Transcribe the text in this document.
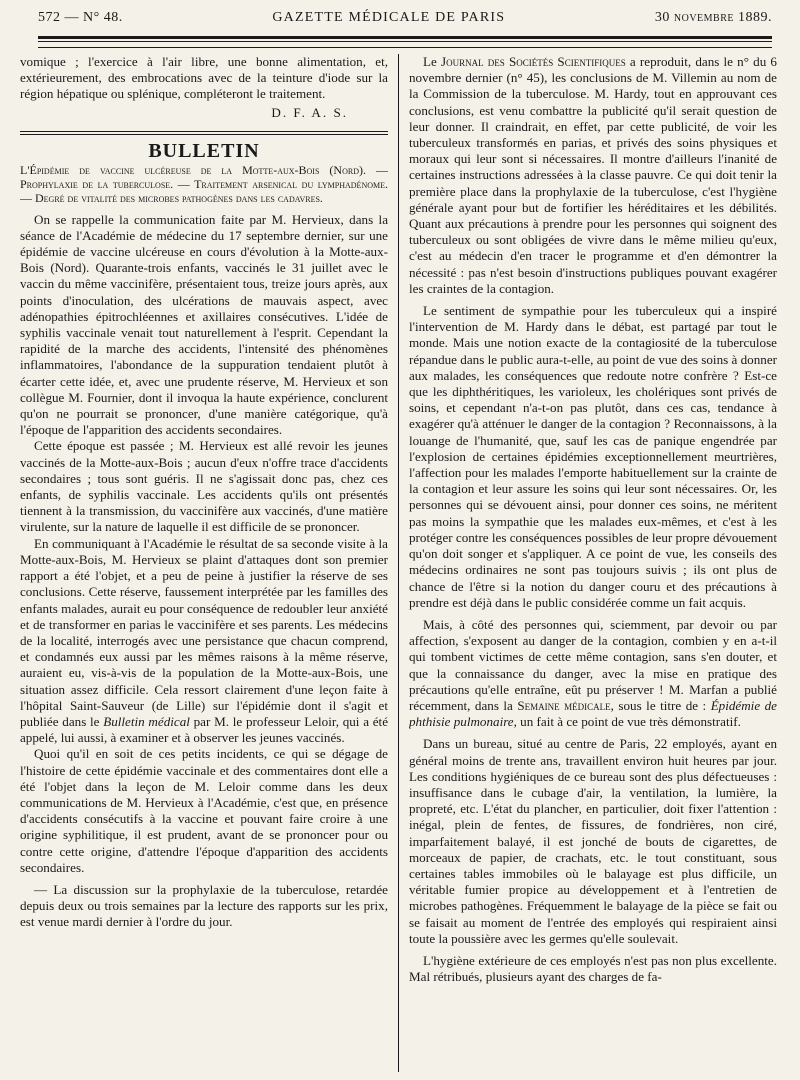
572 — N° 48.	GAZETTE MÉDICALE DE PARIS	30 novembre 1889.

vomique ; l'exercice à l'air libre, une bonne alimentation, et, extérieurement, des embrocations avec de la teinture d'iode sur la région hépatique ou splénique, compléteront le traitement.

D. F. A. S.

BULLETIN

L'Épidémie de vaccine ulcéreuse de la Motte-aux-Bois (Nord). — Prophylaxie de la tuberculose. — Traitement arsenical du lymphadénome. — Degré de vitalité des microbes pathogènes dans les cadavres.

On se rappelle la communication faite par M. Hervieux, dans la séance de l'Académie de médecine du 17 septembre dernier, sur une épidémie de vaccine ulcéreuse en cours d'évolution à la Motte-aux-Bois (Nord). Quarante-trois enfants, vaccinés le 31 juillet avec le vaccin du même vaccinifère, présentaient tous, treize jours après, aux points d'inoculation, des ulcérations de mauvais aspect, avec adénopathies épitrochléennes et axillaires consécutives. L'idée de syphilis vaccinale venait tout naturellement à l'esprit. Cependant la rapidité de la marche des accidents, l'intensité des phénomènes inflammatoires, l'abondance de la suppuration tendaient plutôt à écarter cette idée, et, avec une prudente réserve, M. Hervieux et son collègue M. Fournier, dont il invoqua la haute expérience, conclurent qu'on ne pourrait se prononcer, d'une manière catégorique, qu'à l'époque de l'apparition des accidents secondaires.

Cette époque est passée ; M. Hervieux est allé revoir les jeunes vaccinés de la Motte-aux-Bois ; aucun d'eux n'offre trace d'accidents secondaires ; tous sont guéris. Il ne s'agissait donc pas, chez ces enfants, de syphilis vaccinale. Les accidents qu'ils ont présentés tiennent à la transmission, du vaccinifère aux vaccinés, d'une matière virulente, sur la nature de laquelle il est difficile de se prononcer.

En communiquant à l'Académie le résultat de sa seconde visite à la Motte-aux-Bois, M. Hervieux se plaint d'attaques dont son premier rapport a été l'objet, et a peu de peine à justifier la réserve de ses conclusions. Cette réserve, faussement interprétée par les familles des enfants malades, aurait eu pour conséquence de redoubler leur anxiété et de transformer en parias le vaccinifère et ses parents. Les médecins de la localité, interrogés avec une persistance que chacun comprend, et condamnés eux aussi par les mêmes raisons à la même réserve, auraient eu, vis-à-vis de la population de la Motte-aux-Bois, une situation assez difficile. Cela ressort clairement d'une leçon faite à l'hôpital Saint-Sauveur (de Lille) sur l'épidémie dont il s'agit et publiée dans le Bulletin médical par M. le professeur Leloir, qui a été appelé, lui aussi, à examiner et à observer les jeunes vaccinés.

Quoi qu'il en soit de ces petits incidents, ce qui se dégage de l'histoire de cette épidémie vaccinale et des commentaires dont elle a été l'objet dans la leçon de M. Leloir comme dans les deux communications de M. Hervieux à l'Académie, c'est que, en présence d'accidents consécutifs à la vaccine et pouvant faire croire à une origine syphilitique, il est prudent, avant de se prononcer pour ou contre cette origine, d'attendre l'époque d'apparition des accidents secondaires.

— La discussion sur la prophylaxie de la tuberculose, retardée depuis deux ou trois semaines par la lecture des rapports sur les prix, est venue mardi dernier à l'ordre du jour.

Le Journal des Sociétés Scientifiques a reproduit, dans le n° du 6 novembre dernier (n° 45), les conclusions de M. Villemin au nom de la Commission de la tuberculose. M. Hardy, tout en approuvant ces conclusions, est venu combattre la publicité qu'il serait question de leur donner. Il craindrait, en effet, par cette publicité, de voir les tuberculeux transformés en parias, et privés des soins physiques et moraux qui leur sont si nécessaires. Il montre d'ailleurs l'inanité de certaines instructions adressées à la classe pauvre. Ce qui doit tenir la première place dans la prophylaxie de la tuberculose, c'est l'hygiène générale ayant pour but de fortifier les héréditaires et les débilités. Quant aux précautions à prendre pour les personnes qui soignent des tuberculeux ou sont obligées de vivre dans le même milieu qu'eux, c'est au médecin d'en tracer le programme et d'en démontrer la nécessité : pas n'est besoin d'instructions publiques pouvant exagérer les craintes de la contagion.

Le sentiment de sympathie pour les tuberculeux qui a inspiré l'intervention de M. Hardy dans le débat, est partagé par tout le monde. Mais une notion exacte de la contagiosité de la tuberculose répandue dans le public aura-t-elle, au point de vue des soins à donner aux malades, les conséquences que redoute notre confrère ? Est-ce que les diphthéritiques, les varioleux, les cholériques sont privés de soins, et cependant n'a-t-on pas plutôt, dans ces cas, tendance à exagérer qu'à atténuer le danger de la contagion ? Reconnaissons, à la louange de l'humanité, que, sauf les cas de panique engendrée par l'explosion de certaines épidémies exceptionnellement meurtrières, l'affection pour les malades l'emporte habituellement sur la crainte de la contagion et leur assure les soins qui leur sont nécessaires. Or, les personnes qui se dévouent ainsi, pour donner ces soins, ne méritent pas moins la sympathie que les malades eux-mêmes, et c'est à les protéger contre les conséquences possibles de leur propre dévouement qu'on doit songer et s'appliquer. A ce point de vue, les conseils des médecins ordinaires ne sont pas toujours suivis ; ils ont plus de chance de l'être si la notion du danger couru et des précautions à prendre est déjà dans le public considérée comme un fait acquis.

Mais, à côté des personnes qui, sciemment, par devoir ou par affection, s'exposent au danger de la contagion, combien y en a-t-il qui tombent victimes de cette même contagion, sans s'en douter, et que la connaissance du danger, avec la mise en pratique des précautions qu'elle entraîne, eût pu préserver ! M. Marfan a publié récemment, dans la Semaine médicale, sous le titre de : Épidémie de phthisie pulmonaire, un fait à ce point de vue très démonstratif.

Dans un bureau, situé au centre de Paris, 22 employés, ayant en général moins de trente ans, travaillent environ huit heures par jour. Les conditions hygiéniques de ce bureau sont des plus défectueuses : insuffisance dans le cubage d'air, la ventilation, la lumière, la propreté, etc. L'état du plancher, en particulier, doit fixer l'attention : inégal, plein de fentes, de fissures, de fondrières, non ciré, imparfaitement balayé, il est jonché de bouts de cigarettes, de morceaux de papier, de crachats, etc. le tout constituant, sous certaines tables immobiles où le balayage est plus difficile, un véritable fumier propice au développement et à l'entretien de microbes pathogènes. Fréquemment le balayage de la pièce se fait ou se faisait au moment de l'entrée des employés qui respiraient ainsi toute la poussière avec les germes qu'elle soulevait.

L'hygiène extérieure de ces employés n'est pas non plus excellente. Mal rétribués, plusieurs ayant des charges de fa-
